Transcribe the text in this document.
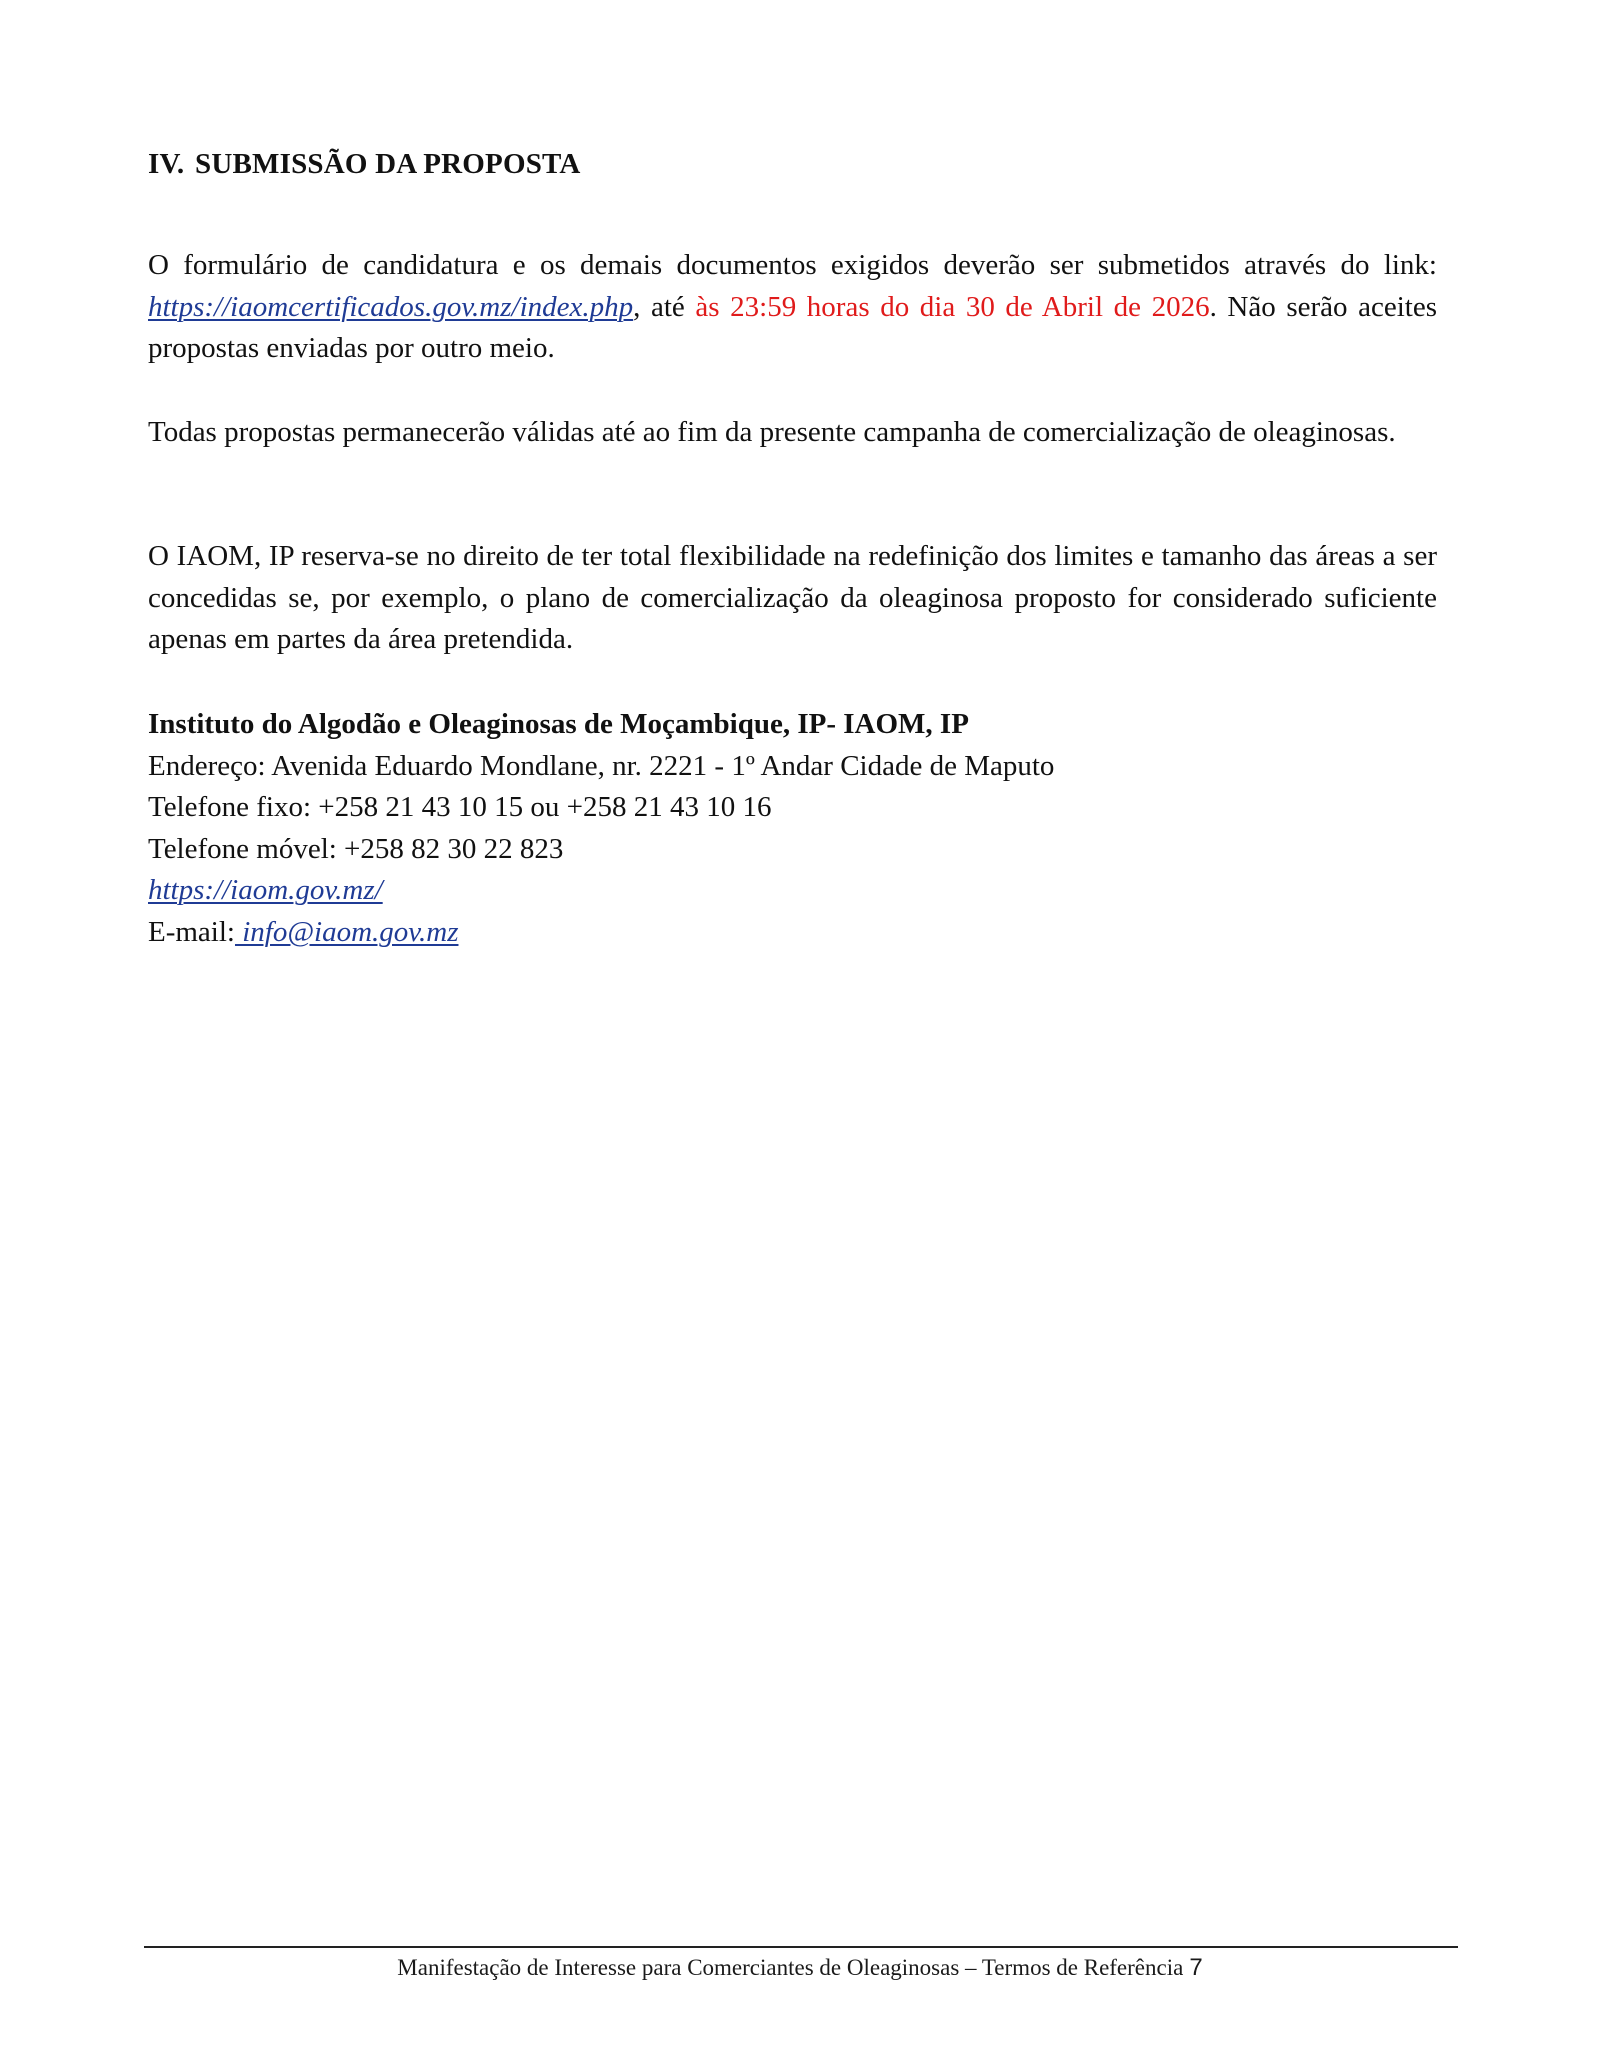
IV. SUBMISSÃO DA PROPOSTA

O formulário de candidatura e os demais documentos exigidos deverão ser submetidos através do link: https://iaomcertificados.gov.mz/index.php, até às 23:59 horas do dia 30 de Abril de 2026. Não serão aceites propostas enviadas por outro meio.

Todas propostas permanecerão válidas até ao fim da presente campanha de comercialização de oleaginosas.

O IAOM, IP reserva-se no direito de ter total flexibilidade na redefinição dos limites e tamanho das áreas a ser concedidas se, por exemplo, o plano de comercialização da oleaginosa proposto for considerado suficiente apenas em partes da área pretendida.

Instituto do Algodão e Oleaginosas de Moçambique, IP- IAOM, IP
Endereço: Avenida Eduardo Mondlane, nr. 2221 - 1º Andar Cidade de Maputo
Telefone fixo: +258 21 43 10 15 ou +258 21 43 10 16
Telefone móvel: +258 82 30 22 823
https://iaom.gov.mz/
E-mail: info@iaom.gov.mz
Manifestação de Interesse para Comerciantes de Oleaginosas – Termos de Referência 7
